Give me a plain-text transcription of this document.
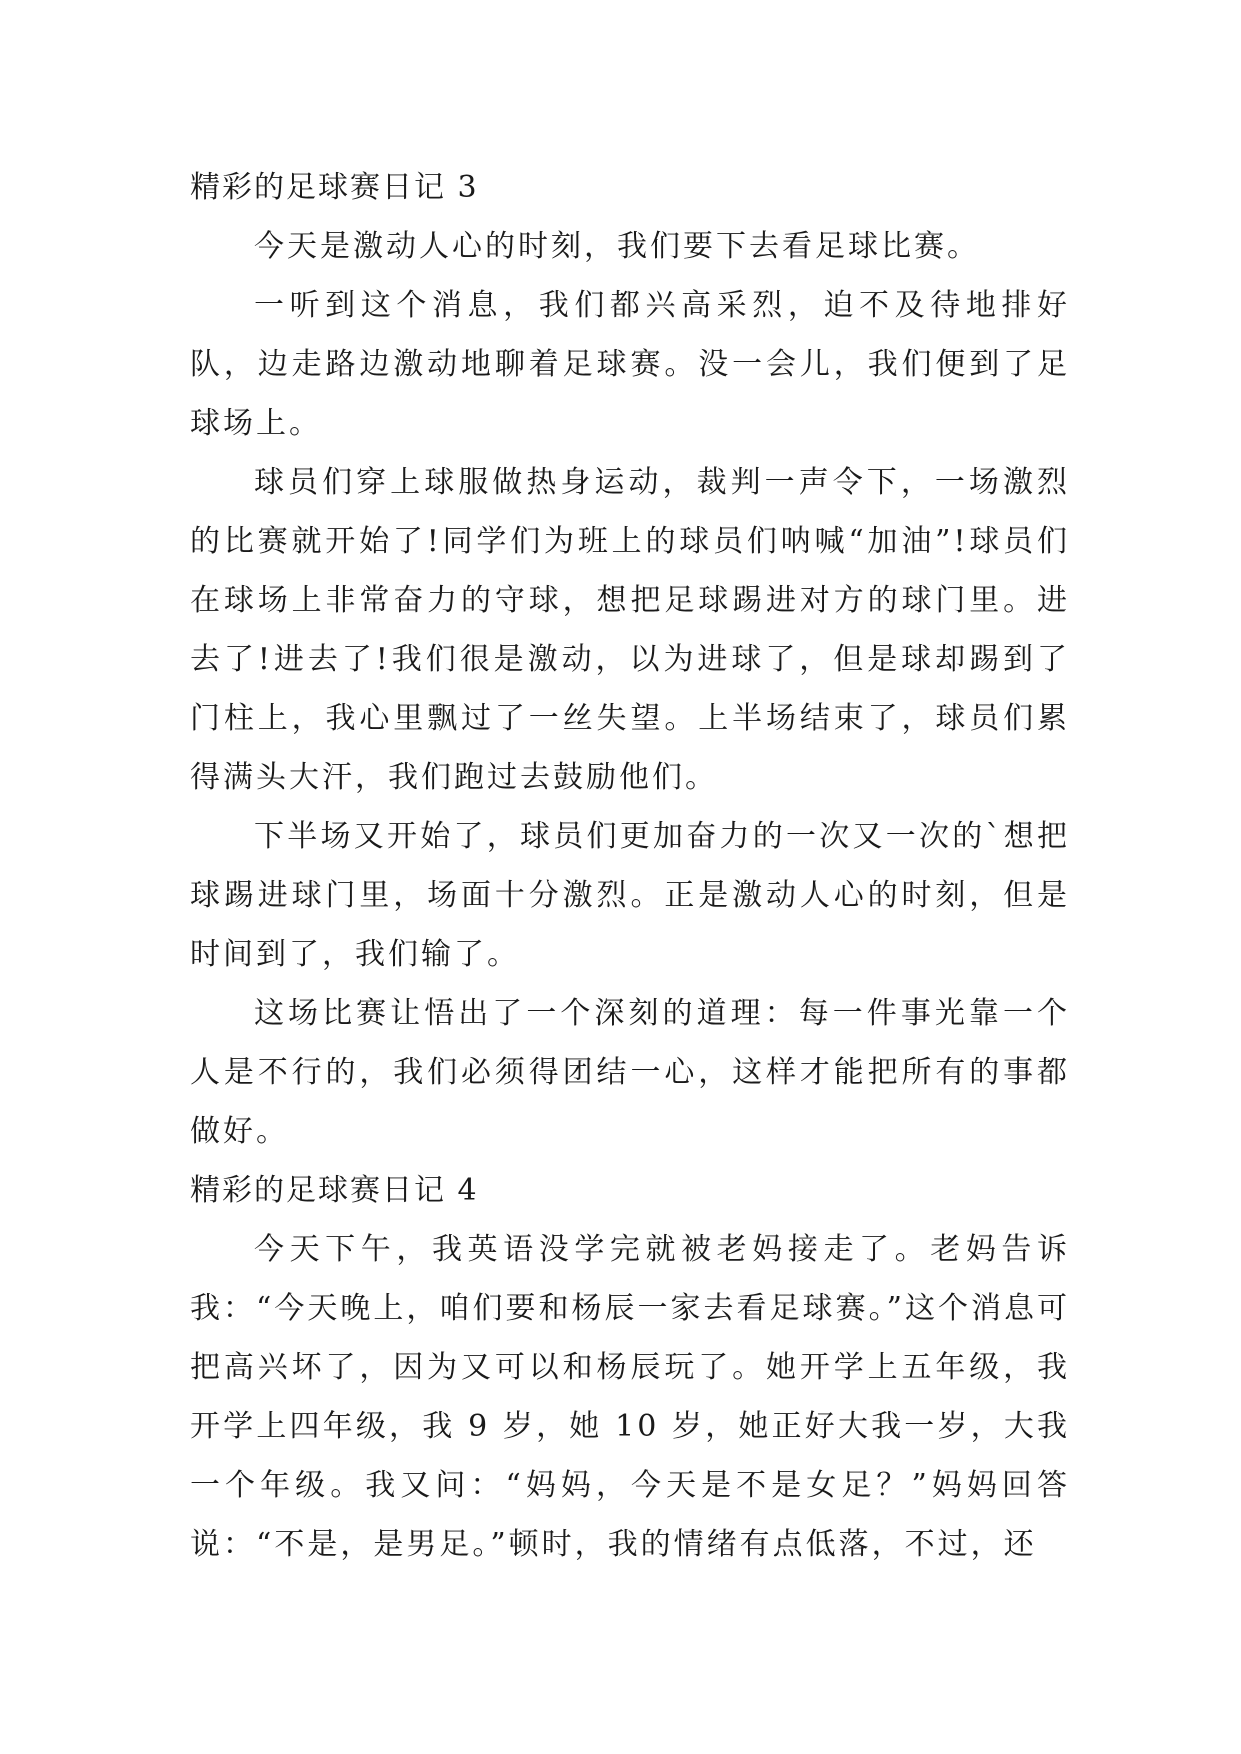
精彩的足球赛日记 3

今天是激动人心的时刻，我们要下去看足球比赛。

一听到这个消息，我们都兴高采烈，迫不及待地排好队，边走路边激动地聊着足球赛。没一会儿，我们便到了足球场上。

球员们穿上球服做热身运动，裁判一声令下，一场激烈的比赛就开始了!同学们为班上的球员们呐喊“加油”!球员们在球场上非常奋力的守球，想把足球踢进对方的球门里。进去了!进去了!我们很是激动，以为进球了，但是球却踢到了门柱上，我心里飘过了一丝失望。上半场结束了，球员们累得满头大汗，我们跑过去鼓励他们。

下半场又开始了，球员们更加奋力的一次又一次的`想把球踢进球门里，场面十分激烈。正是激动人心的时刻，但是时间到了，我们输了。

这场比赛让悟出了一个深刻的道理：每一件事光靠一个人是不行的，我们必须得团结一心，这样才能把所有的事都做好。

精彩的足球赛日记 4

今天下午，我英语没学完就被老妈接走了。老妈告诉我：“今天晚上，咱们要和杨辰一家去看足球赛。”这个消息可把高兴坏了，因为又可以和杨辰玩了。她开学上五年级，我开学上四年级，我 9 岁，她 10 岁，她正好大我一岁，大我一个年级。我又问：“妈妈，今天是不是女足？”妈妈回答说：“不是，是男足。”顿时，我的情绪有点低落，不过，还
